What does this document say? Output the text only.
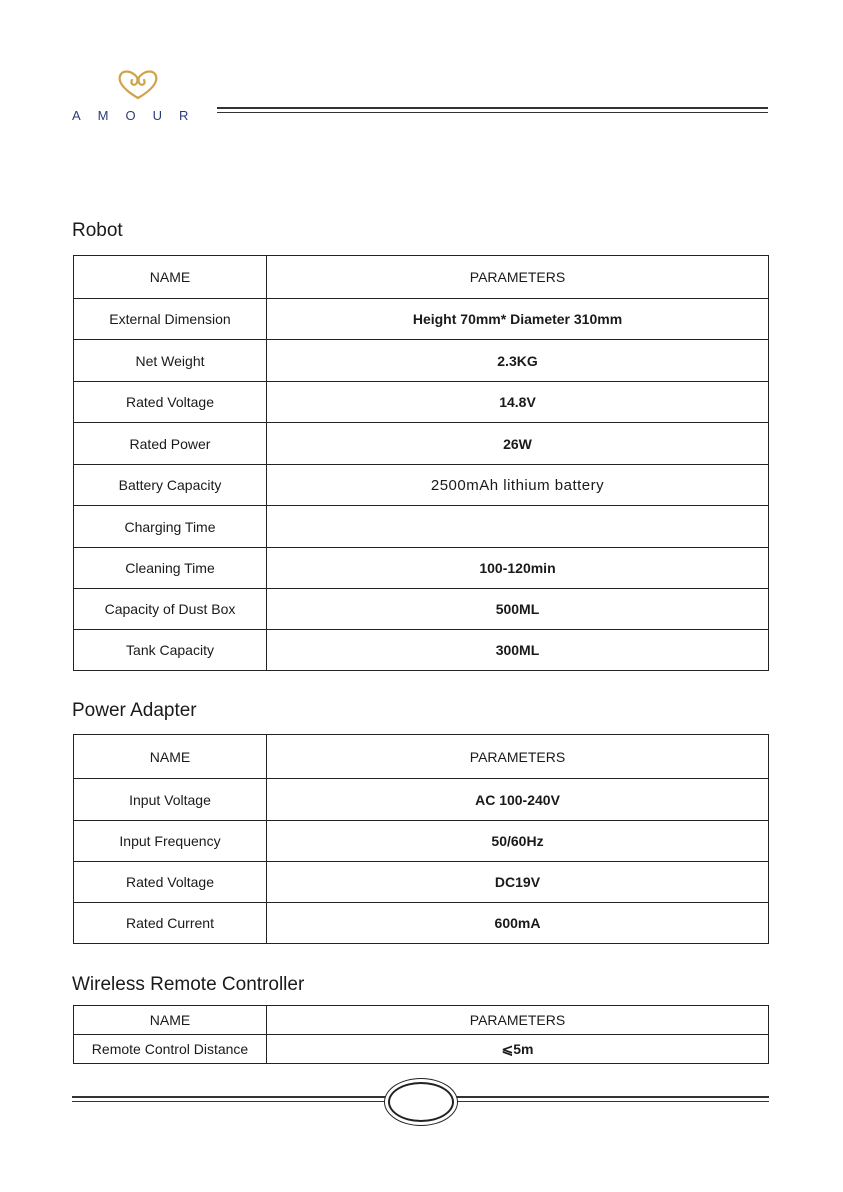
AMOUR
Robot
NAME	PARAMETERS
External Dimension	Height 70mm* Diameter 310mm
Net Weight	2.3KG
Rated Voltage	14.8V
Rated Power	26W
Battery Capacity	2500mAh lithium battery
Charging Time	
Cleaning Time	100-120min
Capacity of Dust Box	500ML
Tank Capacity	300ML
Power Adapter
NAME	PARAMETERS
Input Voltage	AC 100-240V
Input Frequency	50/60Hz
Rated Voltage	DC19V
Rated Current	600mA
Wireless Remote Controller
NAME	PARAMETERS
Remote Control Distance	⩽5m
